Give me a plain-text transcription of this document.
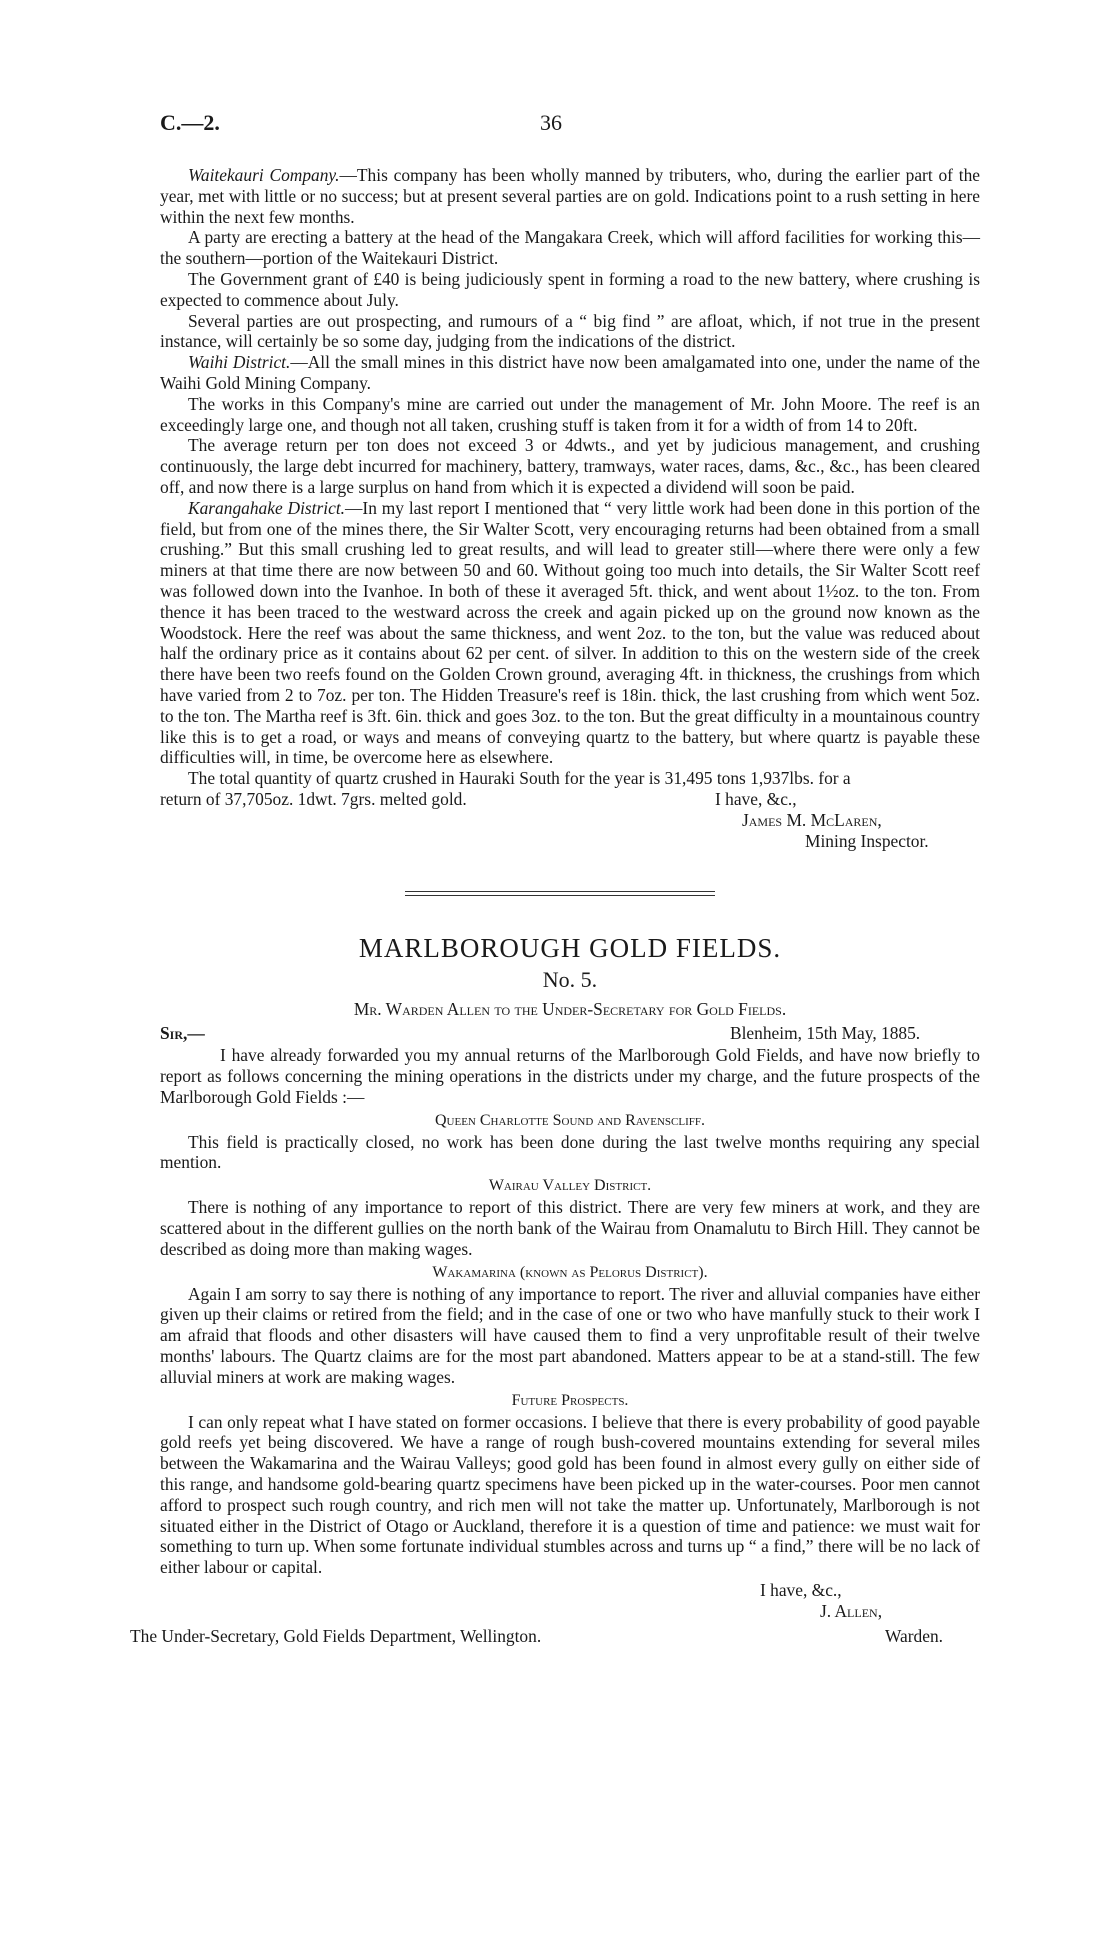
C.—2.	36

Waitekauri Company.—This company has been wholly manned by tributers, who, during the earlier part of the year, met with little or no success; but at present several parties are on gold. Indications point to a rush setting in here within the next few months.

A party are erecting a battery at the head of the Mangakara Creek, which will afford facilities for working this—the southern—portion of the Waitekauri District.

The Government grant of £40 is being judiciously spent in forming a road to the new battery, where crushing is expected to commence about July.

Several parties are out prospecting, and rumours of a “ big find ” are afloat, which, if not true in the present instance, will certainly be so some day, judging from the indications of the district.

Waihi District.—All the small mines in this district have now been amalgamated into one, under the name of the Waihi Gold Mining Company.

The works in this Company's mine are carried out under the management of Mr. John Moore. The reef is an exceedingly large one, and though not all taken, crushing stuff is taken from it for a width of from 14 to 20ft.

The average return per ton does not exceed 3 or 4dwts., and yet by judicious management, and crushing continuously, the large debt incurred for machinery, battery, tramways, water races, dams, &c., &c., has been cleared off, and now there is a large surplus on hand from which it is expected a dividend will soon be paid.

Karangahake District.—In my last report I mentioned that “ very little work had been done in this portion of the field, but from one of the mines there, the Sir Walter Scott, very encouraging returns had been obtained from a small crushing.” But this small crushing led to great results, and will lead to greater still—where there were only a few miners at that time there are now between 50 and 60. Without going too much into details, the Sir Walter Scott reef was followed down into the Ivanhoe. In both of these it averaged 5ft. thick, and went about 1½oz. to the ton. From thence it has been traced to the westward across the creek and again picked up on the ground now known as the Woodstock. Here the reef was about the same thickness, and went 2oz. to the ton, but the value was reduced about half the ordinary price as it contains about 62 per cent. of silver. In addition to this on the western side of the creek there have been two reefs found on the Golden Crown ground, averaging 4ft. in thickness, the crushings from which have varied from 2 to 7oz. per ton. The Hidden Treasure's reef is 18in. thick, the last crushing from which went 5oz. to the ton. The Martha reef is 3ft. 6in. thick and goes 3oz. to the ton. But the great difficulty in a mountainous country like this is to get a road, or ways and means of conveying quartz to the battery, but where quartz is payable these difficulties will, in time, be overcome here as elsewhere.

The total quantity of quartz crushed in Hauraki South for the year is 31,495 tons 1,937lbs. for a

return of 37,705oz. 1dwt. 7grs. melted gold.	I have, &c.,
James M. McLaren,
Mining Inspector.
MARLBOROUGH GOLD FIELDS.
No. 5.
Mr. Warden Allen to the Under-Secretary for Gold Fields.
Sir,—	Blenheim, 15th May, 1885.

I have already forwarded you my annual returns of the Marlborough Gold Fields, and have now briefly to report as follows concerning the mining operations in the districts under my charge, and the future prospects of the Marlborough Gold Fields :—

Queen Charlotte Sound and Ravenscliff.

This field is practically closed, no work has been done during the last twelve months requiring any special mention.

Wairau Valley District.

There is nothing of any importance to report of this district. There are very few miners at work, and they are scattered about in the different gullies on the north bank of the Wairau from Onamalutu to Birch Hill. They cannot be described as doing more than making wages.

Wakamarina (known as Pelorus District).

Again I am sorry to say there is nothing of any importance to report. The river and alluvial companies have either given up their claims or retired from the field; and in the case of one or two who have manfully stuck to their work I am afraid that floods and other disasters will have caused them to find a very unprofitable result of their twelve months' labours. The Quartz claims are for the most part abandoned. Matters appear to be at a stand-still. The few alluvial miners at work are making wages.

Future Prospects.

I can only repeat what I have stated on former occasions. I believe that there is every probability of good payable gold reefs yet being discovered. We have a range of rough bush-covered mountains extending for several miles between the Wakamarina and the Wairau Valleys; good gold has been found in almost every gully on either side of this range, and handsome gold-bearing quartz specimens have been picked up in the water-courses. Poor men cannot afford to prospect such rough country, and rich men will not take the matter up. Unfortunately, Marlborough is not situated either in the District of Otago or Auckland, therefore it is a question of time and patience: we must wait for something to turn up. When some fortunate individual stumbles across and turns up “ a find,” there will be no lack of either labour or capital.

I have, &c.,
J. Allen,
The Under-Secretary, Gold Fields Department, Wellington.	Warden.
